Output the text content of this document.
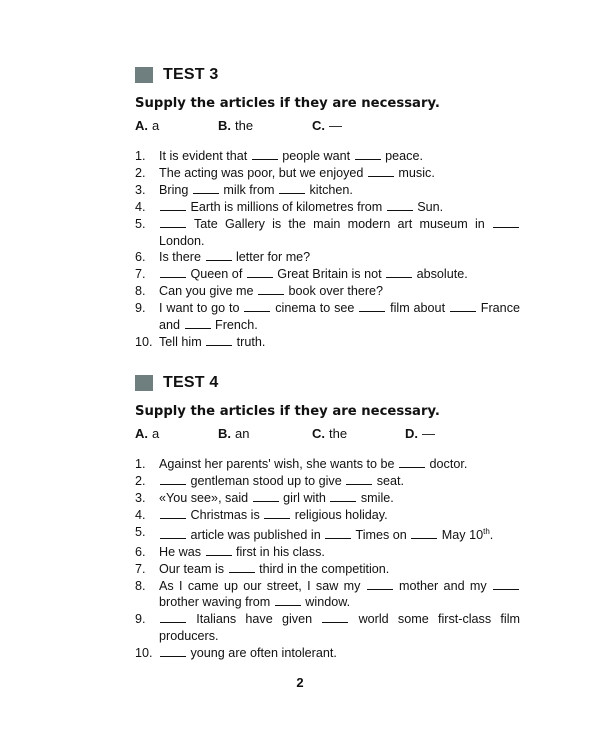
TEST 3
Supply the articles if they are necessary.
A. a	B. the	C. —
1. It is evident that  people want  peace.
2. The acting was poor, but we enjoyed  music.
3. Bring  milk from  kitchen.
4.	Earth is millions of kilometres from  Sun.
5.	Tate Gallery is the main modern art museum in  London.
6. Is there  letter for me?
7.	Queen of  Great Britain is not  absolute.
8. Can you give me  book over there?
9. I want to go to  cinema to see  film about  France and  French.
10. Tell him  truth.
TEST 4
Supply the articles if they are necessary.
A. a	B. an	C. the	D. —
1. Against her parents' wish, she wants to be  doctor.
2.	gentleman stood up to give  seat.
3. «You see», said  girl with  smile.
4.	Christmas is  religious holiday.
5.	article was published in  Times on  May 10th.
6. He was  first in his class.
7. Our team is  third in the competition.
8. As I came up our street, I saw my  mother and my  brother waving from  window.
9.	Italians have given  world some first-class film producers.
10.	young are often intolerant.
2
